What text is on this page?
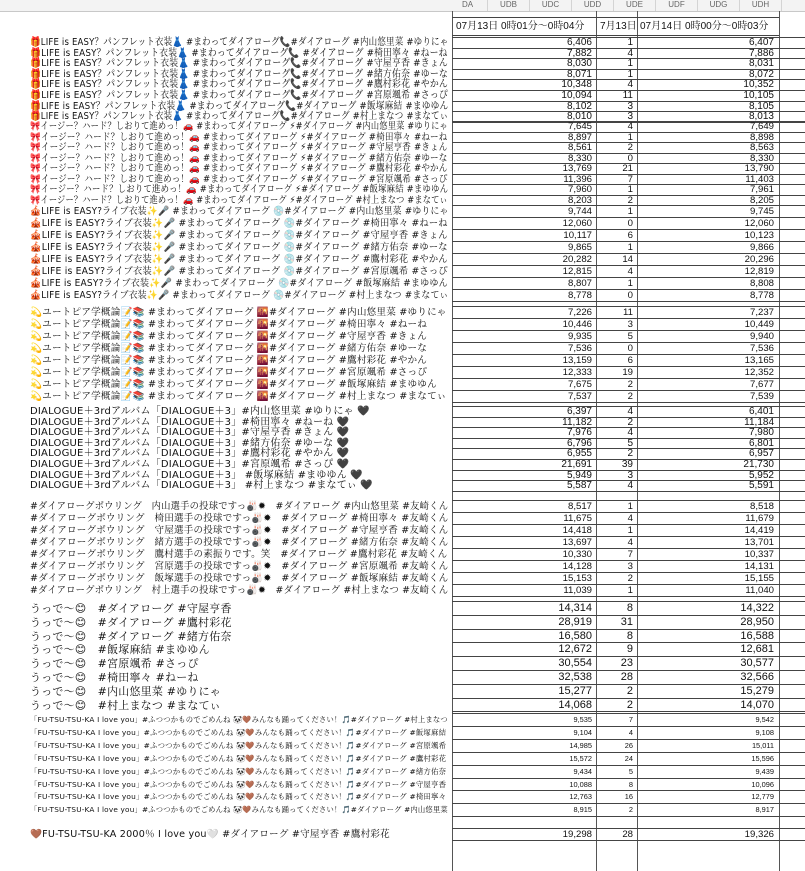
DA	UDB	UDC	UDD	UDE	UDF	UDG	UDH
07月13日 0時01分～0時04分	7月13日 07月14日 0時00分～0時03分
🎁LIFE is EASY？パンフレット衣装👗 #まわってダイアローグ📞#ダイアローグ #内山悠里菜 #ゆりにゃ	6,406	1	6,407
🎁LIFE is EASY？パンフレット衣装👗 #まわってダイアローグ📞 #ダイアローグ #椅田寧々 #ねーね	7,882	4	7,886
🎁LIFE is EASY？パンフレット衣装👗 #まわってダイアローグ📞#ダイアローグ #守屋亨香 #きょん	8,030	1	8,031
🎁LIFE is EASY？パンフレット衣装👗 #まわってダイアローグ📞#ダイアローグ #緒方佑奈 #ゆーな	8,071	1	8,072
🎁LIFE is EASY？パンフレット衣装👗 #まわってダイアローグ📞#ダイアローグ #鷹村彩花 #やかん	10,348	4	10,352
🎁LIFE is EASY？パンフレット衣装👗 #まわってダイアローグ📞#ダイアローグ #宮原颯希 #さっぴ	10,094	11	10,105
🎁LIFE is EASY？パンフレット衣装👗 #まわってダイアローグ📞#ダイアローグ #飯塚麻結 #まゆゆん	8,102	3	8,105
🎁LIFE is EASY？パンフレット衣装👗 #まわってダイアローグ📞#ダイアローグ #村上まなつ #まなてぃ	8,010	3	8,013
🎀イージー？ハード？しおりて進めっ！🚗 #まわってダイアローグ ⚡#ダイアローグ #内山悠里菜 #ゆりにゃ	7,645	4	7,649
🎀イージー？ハード？しおりて進めっ！🚗 #まわってダイアローグ ⚡#ダイアローグ #椅田寧々 #ねーね	8,897	1	8,898
🎀イージー？ハード？しおりて進めっ！🚗 #まわってダイアローグ ⚡#ダイアローグ #守屋亨香 #きょん	8,561	2	8,563
🎀イージー？ハード？しおりて進めっ！🚗 #まわってダイアローグ ⚡#ダイアローグ #緒方佑奈 #ゆーな	8,330	0	8,330
🎀イージー？ハード？しおりて進めっ！🚗 #まわってダイアローグ ⚡#ダイアローグ #鷹村彩花 #やかん	13,769	21	13,790
🎀イージー？ハード？しおりて進めっ！🚗 #まわってダイアローグ ⚡#ダイアローグ #宮原颯希 #さっぴ	11,396	7	11,403
🎀イージー？ハード？しおりて進めっ！🚗 #まわってダイアローグ ⚡#ダイアローグ #飯塚麻結 #まゆゆん	7,960	1	7,961
🎀イージー？ハード？しおりて進めっ！🚗 #まわってダイアローグ ⚡#ダイアローグ #村上まなつ #まなてぃ	8,203	2	8,205
🎪LIFE is EASY?ライブ衣装✨🎤 #まわってダイアローグ 💿#ダイアローグ #内山悠里菜 #ゆりにゃ	9,744	1	9,745
🎪LIFE is EASY?ライブ衣装✨🎤 #まわってダイアローグ 💿#ダイアローグ #椅田寧々 #ねーね	12,060	0	12,060
🎪LIFE is EASY?ライブ衣装✨🎤 #まわってダイアローグ 💿#ダイアローグ #守屋亨香 #きょん	10,117	6	10,123
🎪LIFE is EASY?ライブ衣装✨🎤 #まわってダイアローグ 💿#ダイアローグ #緒方佑奈 #ゆーな	9,865	1	9,866
🎪LIFE is EASY?ライブ衣装✨🎤 #まわってダイアローグ 💿#ダイアローグ #鷹村彩花 #やかん	20,282	14	20,296
🎪LIFE is EASY?ライブ衣装✨🎤 #まわってダイアローグ 💿#ダイアローグ #宮原颯希 #さっぴ	12,815	4	12,819
🎪LIFE is EASY?ライブ衣装✨🎤 #まわってダイアローグ 💿#ダイアローグ #飯塚麻結 #まゆゆん	8,807	1	8,808
🎪LIFE is EASY?ライブ衣装✨🎤 #まわってダイアローグ 💿#ダイアローグ #村上まなつ #まなてぃ	8,778	0	8,778
💫ユートピア学概論📝📚 #まわってダイアローグ 🌇#ダイアローグ #内山悠里菜 #ゆりにゃ	7,226	11	7,237
💫ユートピア学概論📝📚 #まわってダイアローグ 🌇#ダイアローグ #椅田寧々 #ねーね	10,446	3	10,449
💫ユートピア学概論📝📚 #まわってダイアローグ 🌇#ダイアローグ #守屋亨香 #きょん	9,935	5	9,940
💫ユートピア学概論📝📚 #まわってダイアローグ 🌇#ダイアローグ #緒方佑奈 #ゆーな	7,536	0	7,536
💫ユートピア学概論📝📚 #まわってダイアローグ 🌇#ダイアローグ #鷹村彩花 #やかん	13,159	6	13,165
💫ユートピア学概論📝📚 #まわってダイアローグ 🌇#ダイアローグ #宮原颯希 #さっぴ	12,333	19	12,352
💫ユートピア学概論📝📚 #まわってダイアローグ 🌇#ダイアローグ #飯塚麻結 #まゆゆん	7,675	2	7,677
💫ユートピア学概論📝📚 #まわってダイアローグ 🌇#ダイアローグ #村上まなつ #まなてぃ	7,537	2	7,539
DIALOGUE＋3rdアルバム「DIALOGUE＋3」#内山悠里菜 #ゆりにゃ 🖤	6,397	4	6,401
DIALOGUE＋3rdアルバム「DIALOGUE＋3」#椅田寧々 #ねーね 🖤	11,182	2	11,184
DIALOGUE＋3rdアルバム「DIALOGUE＋3」#守屋亨香 #きょん 🖤	7,976	4	7,980
DIALOGUE＋3rdアルバム「DIALOGUE＋3」#緒方佑奈 #ゆーな 🖤	6,796	5	6,801
DIALOGUE＋3rdアルバム「DIALOGUE＋3」#鷹村彩花 #やかん 🖤	6,955	2	6,957
DIALOGUE＋3rdアルバム「DIALOGUE＋3」#宮原颯希 #さっぴ 🖤	21,691	39	21,730
DIALOGUE＋3rdアルバム「DIALOGUE＋3」 #飯塚麻結 #まゆゆん 🖤	5,949	3	5,952
DIALOGUE＋3rdアルバム「DIALOGUE＋3」 #村上まなつ #まなてぃ 🖤	5,587	4	5,591
#ダイアローグボウリング　内山選手の投球ですっ🎳✹　#ダイアローグ #内山悠里菜 #友崎くん	8,517	1	8,518
#ダイアローグボウリング　椅田選手の投球ですっ🎳✹　#ダイアローグ #椅田寧々 #友崎くん	11,675	4	11,679
#ダイアローグボウリング　守屋選手の投球ですっ🎳✹　#ダイアローグ #守屋亨香 #友崎くん	14,418	1	14,419
#ダイアローグボウリング　緒方選手の投球ですっ🎳✹　#ダイアローグ #緒方佑奈 #友崎くん	13,697	4	13,701
#ダイアローグボウリング　鷹村選手の素振りです。笑　#ダイアローグ #鷹村彩花 #友崎くん	10,330	7	10,337
#ダイアローグボウリング　宮原選手の投球ですっ🎳✹　#ダイアローグ #宮原颯希 #友崎くん	14,128	3	14,131
#ダイアローグボウリング　飯塚選手の投球ですっ🎳✹　#ダイアローグ #飯塚麻結 #友崎くん	15,153	2	15,155
#ダイアローグボウリング　村上選手の投球ですっ🎳✹　#ダイアローグ #村上まなつ #友崎くん	11,039	1	11,040
うっで～😊　#ダイアローグ #守屋亨香	14,314	8	14,322
うっで～😊　#ダイアローグ #鷹村彩花	28,919	31	28,950
うっで～😊　#ダイアローグ #緒方佑奈	16,580	8	16,588
うっで～😊　#飯塚麻結 #まゆゆん	12,672	9	12,681
うっで～😊　#宮原颯希 #さっぴ	30,554	23	30,577
うっで～😊　#椅田寧々 #ねーね	32,538	28	32,566
うっで～😊　#内山悠里菜 #ゆりにゃ	15,277	2	15,279
うっで～😊　#村上まなつ #まなてぃ	14,068	2	14,070
「FU-TSU-TSU-KA I love you」#ふつつかものでごめんね 🐼🤎みんなも踊ってください！🎵#ダイアローグ #村上まなつ	9,535	7	9,542
「FU-TSU-TSU-KA I love you」#ふつつかものでごめんね 🐼🤎みんなも踊ってください！🎵#ダイアローグ #飯塚麻結	9,104	4	9,108
「FU-TSU-TSU-KA I love you」#ふつつかものでごめんね 🐼🤎みんなも踊ってください！🎵#ダイアローグ #宮原颯希	14,985	26	15,011
「FU-TSU-TSU-KA I love you」#ふつつかものでごめんね 🐼🤎みんなも踊ってください！🎵#ダイアローグ #鷹村彩花	15,572	24	15,596
「FU-TSU-TSU-KA I love you」#ふつつかものでごめんね 🐼🤎みんなも踊ってください！🎵#ダイアローグ #緒方佑奈	9,434	5	9,439
「FU-TSU-TSU-KA I love you」#ふつつかものでごめんね 🐼🤎みんなも踊ってください！🎵#ダイアローグ #守屋亨香	10,088	8	10,096
「FU-TSU-TSU-KA I love you」#ふつつかものでごめんね 🐼🤎みんなも踊ってください！🎵#ダイアローグ #椅田寧々	12,763	16	12,779
「FU-TSU-TSU-KA I love you」#ふつつかものでごめんね 🐼🤎みんなも踊ってください！🎵#ダイアローグ #内山悠里菜	8,915	2	8,917
🤎FU-TSU-TSU-KA 2000％ I love you🤍 #ダイアローグ #守屋亨香 #鷹村彩花	19,298	28	19,326
